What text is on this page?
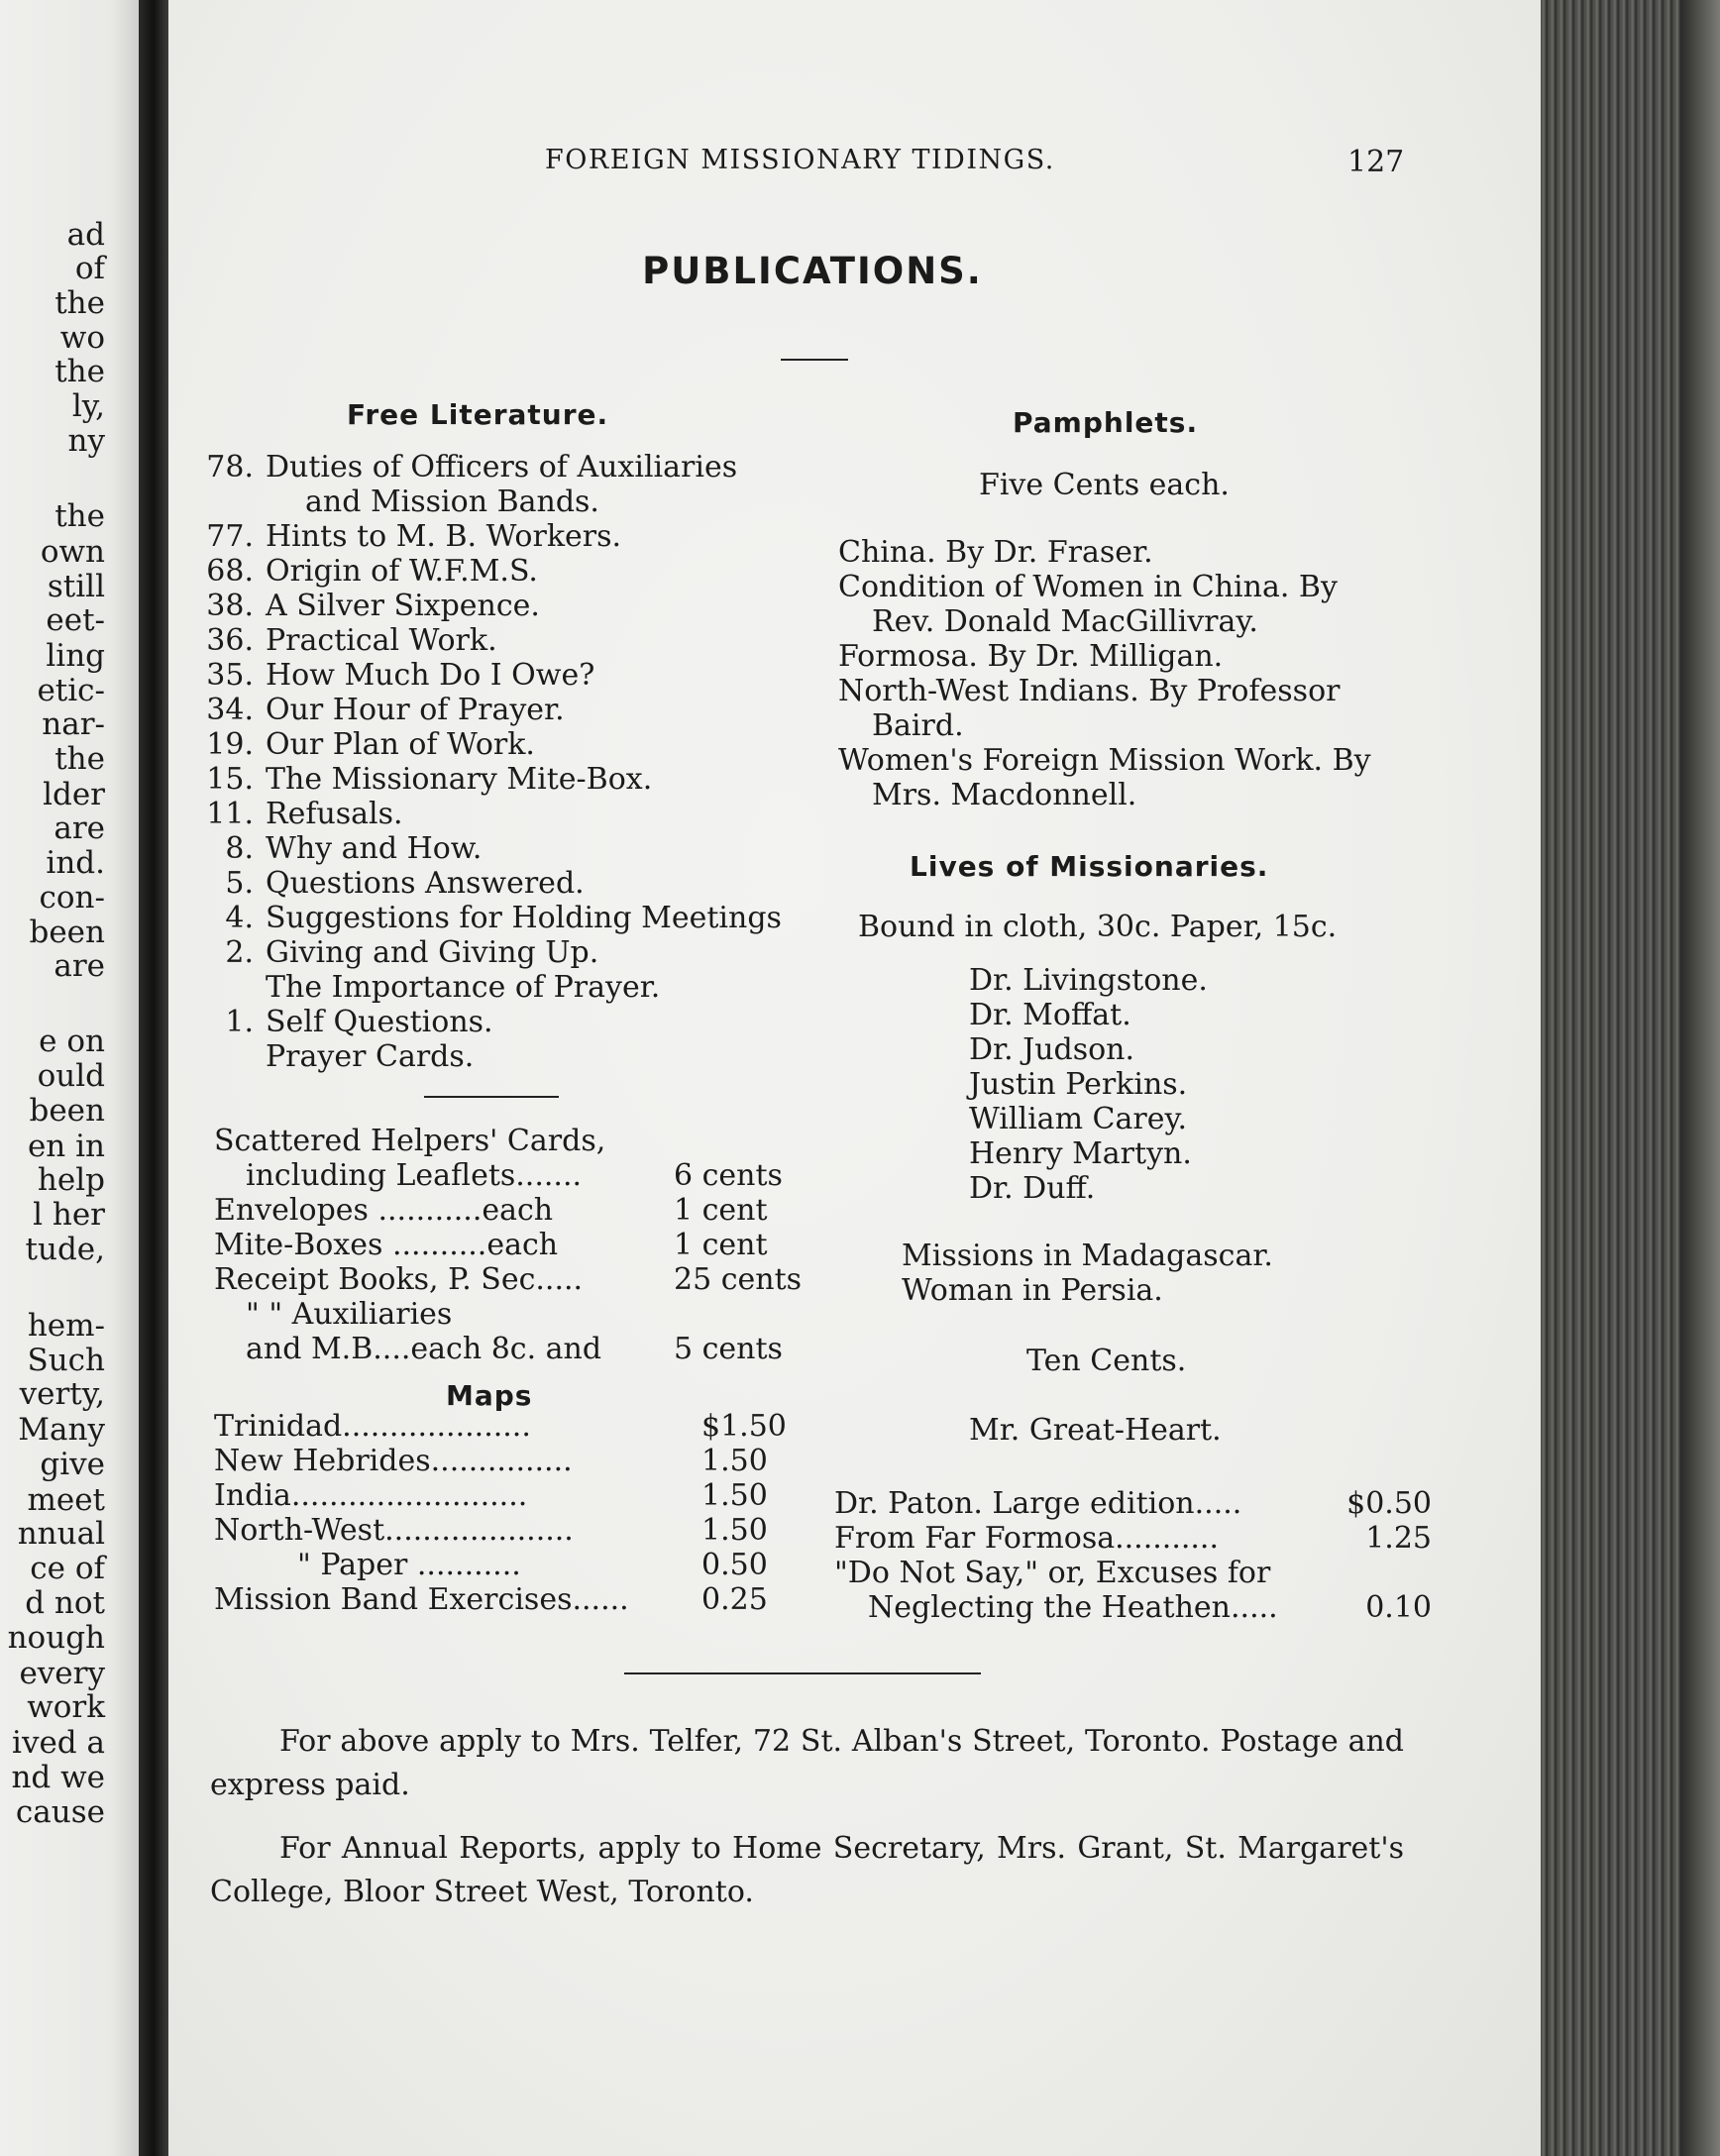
ad
of
the
wo
the
ly,
ny
the
own
still
eet-
ling
etic-
nar-
the
lder
are
ind.
con-
been
are
e on
ould
been
en in
help
l her
tude,
hem-
Such
verty,
Many
give
meet
nnual
ce of
d not
nough
every
work
ived a
nd we
cause
FOREIGN MISSIONARY TIDINGS.	127
PUBLICATIONS.
Free Literature.
Maps
Pamphlets.
Five Cents each.
Lives of Missionaries.
Bound in cloth, 30c. Paper, 15c.
Ten Cents.
Mr. Great-Heart.
For above apply to Mrs. Telfer, 72 St. Alban's Street, Toronto. Postage and express paid.
For Annual Reports, apply to Home Secretary, Mrs. Grant, St. Margaret's College, Bloor Street West, Toronto.
78. Duties of Officers of Auxiliaries
and Mission Bands.
77. Hints to M. B. Workers.
68. Origin of W.F.M.S.
38. A Silver Sixpence.
36. Practical Work.
35. How Much Do I Owe?
34. Our Hour of Prayer.
19. Our Plan of Work.
15. The Missionary Mite-Box.
11. Refusals.
8. Why and How.
5. Questions Answered.
4. Suggestions for Holding Meetings
2. Giving and Giving Up.
The Importance of Prayer.
1. Self Questions.
Prayer Cards.
Scattered Helpers' Cards,
including Leaflets.......	6 cents
Envelopes ...........each	1 cent
Mite-Boxes ..........each	1 cent
Receipt Books, P. Sec.....	25 cents
" " Auxiliaries
and M.B....each 8c. and 5 cents
Trinidad....................	$1.50
New Hebrides...............	1.50
India.........................	1.50
North-West....................	1.50
" Paper ...........	0.50
Mission Band Exercises...... 0.25
China. By Dr. Fraser.
Condition of Women in China. By
Rev. Donald MacGillivray.
Formosa. By Dr. Milligan.
North-West Indians. By Professor
Baird.
Women's Foreign Mission Work. By
Mrs. Macdonnell.
Dr. Livingstone.
Dr. Moffat.
Dr. Judson.
Justin Perkins.
William Carey.
Henry Martyn.
Dr. Duff.
Missions in Madagascar.
Woman in Persia.
Dr. Paton. Large edition.....	$0.50
From Far Formosa...........	1.25
"Do Not Say," or, Excuses for
Neglecting the Heathen.....	0.10
